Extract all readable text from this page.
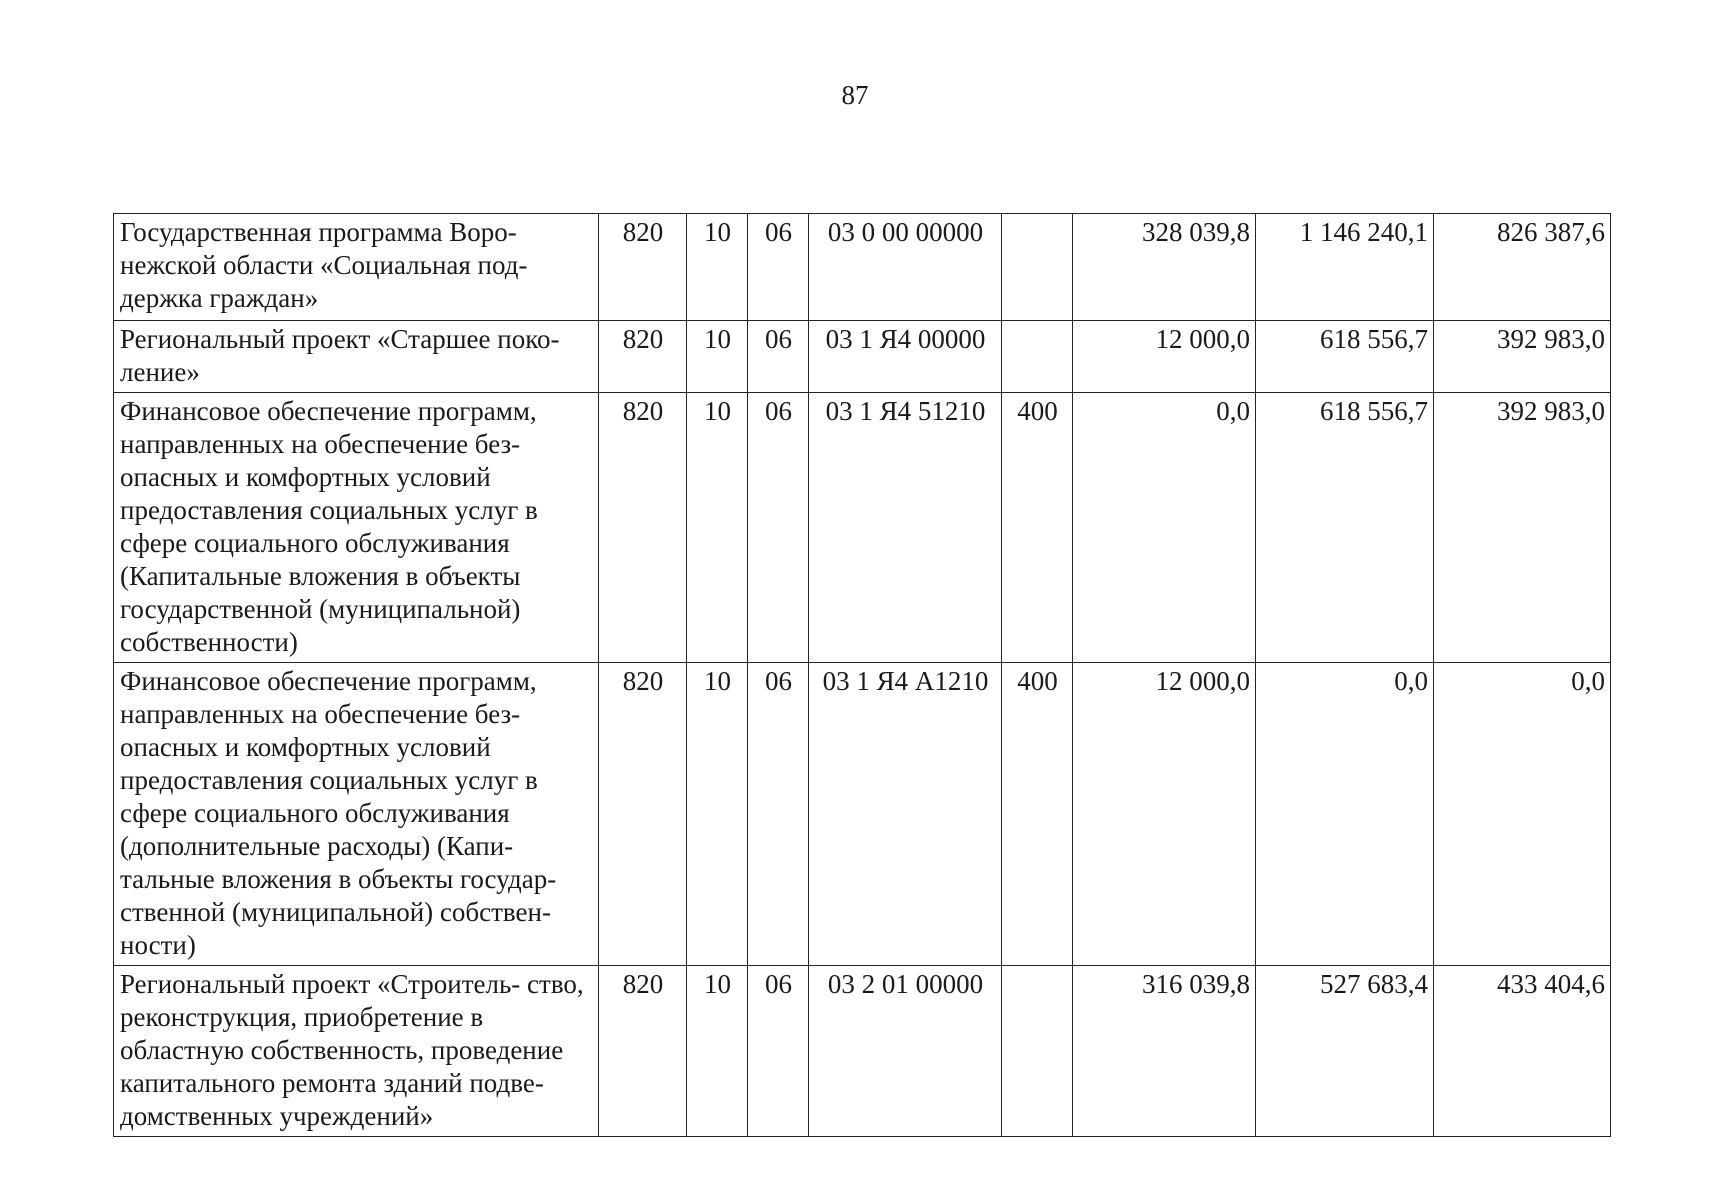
87
Государственная программа Воро- нежской области «Социальная под- держка граждан»	820	10	06	03 0 00 00000		328 039,8	1 146 240,1	826 387,6
Региональный проект «Старшее поко- ление»	820	10	06	03 1 Я4 00000		12 000,0	618 556,7	392 983,0
Финансовое обеспечение программ, направленных на обеспечение без- опасных и комфортных условий предоставления социальных услуг в сфере социального обслуживания (Капитальные вложения в объекты государственной (муниципальной) собственности)	820	10	06	03 1 Я4 51210	400	0,0	618 556,7	392 983,0
Финансовое обеспечение программ, направленных на обеспечение без- опасных и комфортных условий предоставления социальных услуг в сфере социального обслуживания (дополнительные расходы) (Капи- тальные вложения в объекты государ- ственной (муниципальной) собствен- ности)	820	10	06	03 1 Я4 А1210	400	12 000,0	0,0	0,0
Региональный проект «Строитель- ство, реконструкция, приобретение в областную собственность, проведение капитального ремонта зданий подве- домственных учреждений»	820	10	06	03 2 01 00000		316 039,8	527 683,4	433 404,6
